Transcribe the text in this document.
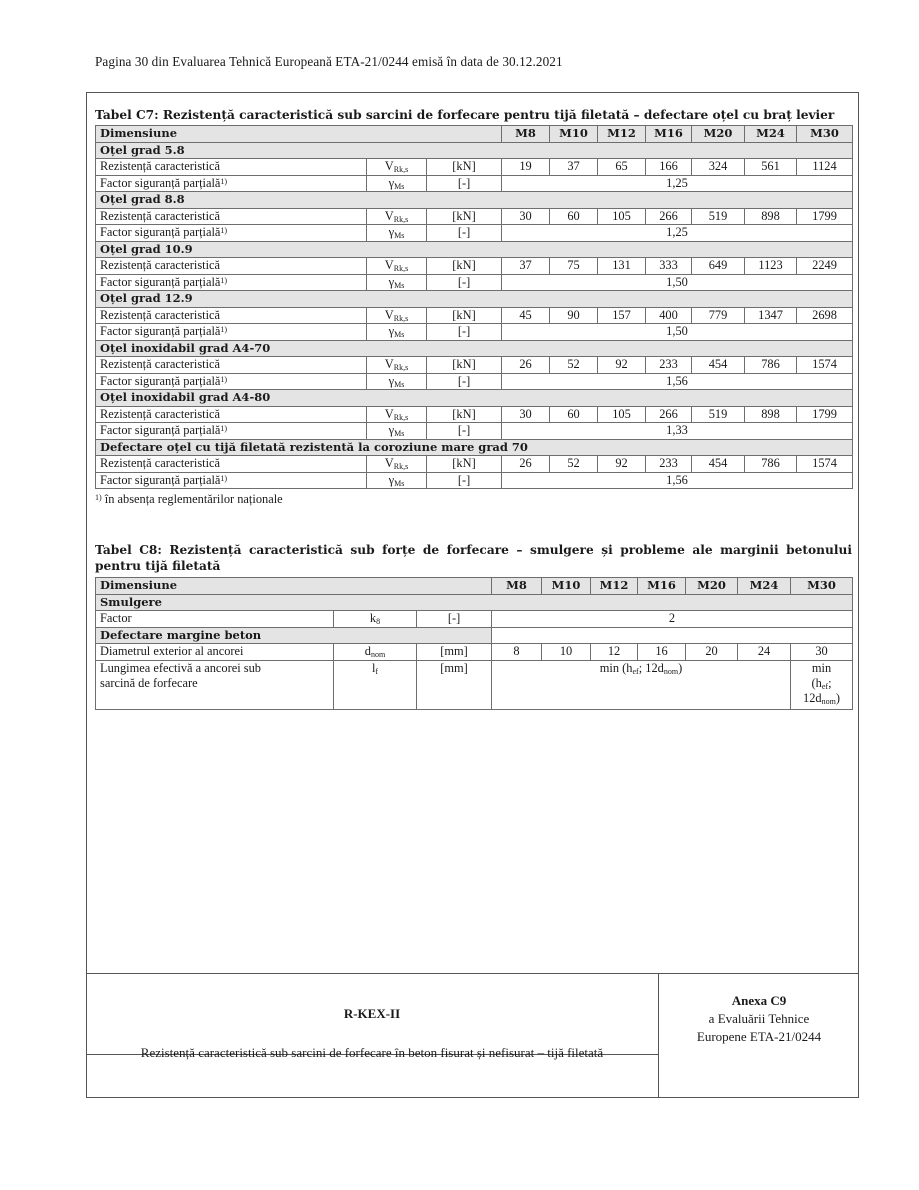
Pagina 30 din Evaluarea Tehnică Europeană ETA-21/0244 emisă în data de 30.12.2021
Tabel C7: Rezistență caracteristică sub sarcini de forfecare pentru tijă filetată – defectare oțel cu braț levier
Dimensiune			M8	M10	M12	M16	M20	M24	M30
Oțel grad 5.8									
Rezistență caracteristică	$V_{Rk,s}$	[kN]	19	37	65	166	324	561	1124
Factor siguranță parțială$^{1)}$	$\gamma_{Ms}$	[-]	1,25						
Oțel grad 8.8									
Rezistență caracteristică	$V_{Rk,s}$	[kN]	30	60	105	266	519	898	1799
Factor siguranță parțială$^{1)}$	$\gamma_{Ms}$	[-]	1,25						
Oțel grad 10.9									
Rezistență caracteristică	$V_{Rk,s}$	[kN]	37	75	131	333	649	1123	2249
Factor siguranță parțială$^{1)}$	$\gamma_{Ms}$	[-]	1,50						
Oțel grad 12.9									
Rezistență caracteristică	$V_{Rk,s}$	[kN]	45	90	157	400	779	1347	2698
Factor siguranță parțială$^{1)}$	$\gamma_{Ms}$	[-]	1,50						
Oțel inoxidabil grad A4-70									
Rezistență caracteristică	$V_{Rk,s}$	[kN]	26	52	92	233	454	786	1574
Factor siguranță parțială$^{1)}$	$\gamma_{Ms}$	[-]	1,56						
Oțel inoxidabil grad A4-80									
Rezistență caracteristică	$V_{Rk,s}$	[kN]	30	60	105	266	519	898	1799
Factor siguranță parțială$^{1)}$	$\gamma_{Ms}$	[-]	1,33						
Defectare oțel cu tijă filetată rezistentă la coroziune mare grad 70									
Rezistență caracteristică	$V_{Rk,s}$	[kN]	26	52	92	233	454	786	1574
Factor siguranță parțială$^{1)}$	$\gamma_{Ms}$	[-]	1,56						
$^{1)}$ în absența reglementărilor naționale
Tabel C8: Rezistență caracteristică sub forțe de forfecare – smulgere și probleme ale marginii betonului
pentru tijă filetată
Dimensiune			M8	M10	M12	M16	M20	M24	M30
Smulgere									
Factor	$k_8$	[-]	2						
Defectare margine beton									
Diametrul exterior al ancorei	$d_{nom}$	[mm]	8	10	12	16	20	24	30

Lungimea efectivă a ancorei sub
sarcină de forfecare
	$l_f$	[mm]	$\min (h_{ef}$; $12d_{nom}$)	min
($h_{ef}$;
$12d_{nom}$)
R-KEX-II
Rezistență caracteristică sub sarcini de forfecare în beton fisurat și nefisurat – tijă filetată
Anexa C9
a Evaluării Tehnice
Europene ETA-21/0244
